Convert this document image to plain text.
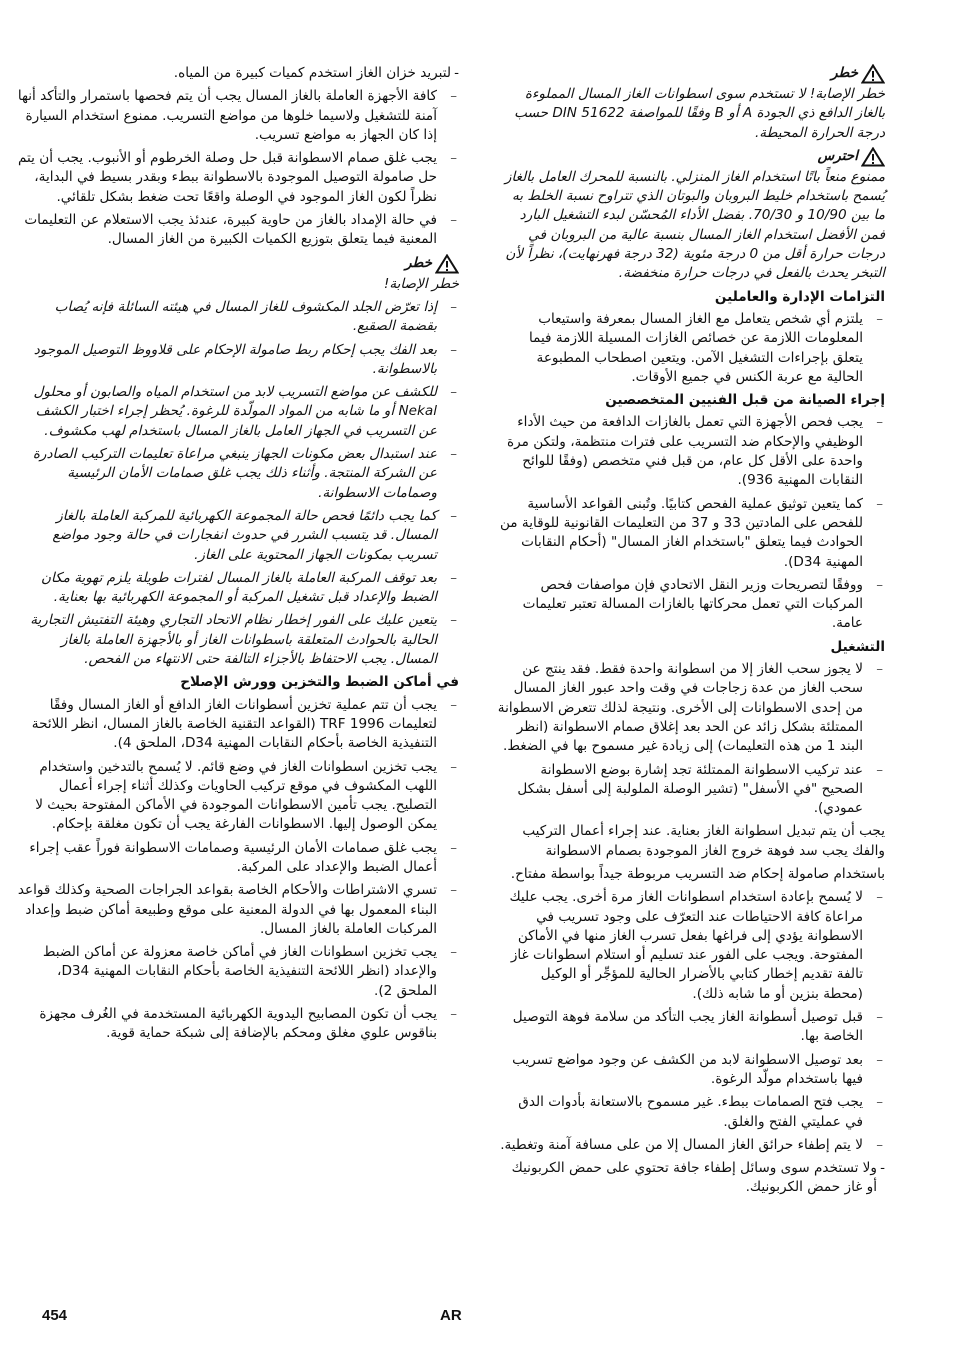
خطر

خطر الإصابة! لا تستخدم سوى اسطوانات الغاز المسال المملوءة بالغاز الدافع ذي الجودة A أو B وفقًا للمواصفة DIN 51622 حسب درجة الحرارة المحيطة.

احترس

ممنوع منعاً باتًا استخدام الغاز المنزلي. بالنسبة للمحرك العامل بالغاز يُسمح باستخدام خليط البروبان والبوتان الذي تتراوح نسبة الخلط به ما بين 10/90 و 70/30. بفضل الأداء المُحسّن لبدء التشغيل البارد فمن الأفضل استخدام الغاز المسال بنسبة عالية من البروبان في درجات حرارة أقل من 0 درجة مئوية (32 درجة فهرنهايت)، نظراً لأن التبخر يحدث بالفعل في درجات حرارة منخفضة.

التزامات الإدارة والعاملين
– يلتزم أي شخص يتعامل مع الغاز المسال بمعرفة واستيعاب المعلومات اللازمة عن خصائص الغازات المسيلة اللازمة فيما يتعلق بإجراءات التشغيل الآمن. ويتعين اصطحاب المطبوعة الحالية مع عربة الكنس في جميع الأوقات.
إجراء الصيانة من قبل الفنيين المتخصصين
– يجب فحص الأجهزة التي تعمل بالغازات الدافعة من حيث الأداء الوظيفي والإحكام ضد التسريب على فترات منتظمة، ولتكن مرة واحدة على الأقل كل عام، من قبل فني متخصص (وفقًا للوائح النقابات المهنية 936).
– كما يتعين توثيق عملية الفحص كتابيًا. وتُبنى القواعد الأساسية للفحص على المادتين 33 و 37 من التعليمات القانونية للوقاية من الحوادث فيما يتعلق "باستخدام الغاز المسال" (أحكام النقابات المهنية D34).
– ووفقًا لتصريحات وزير النقل الاتحادي فإن مواصفات فحص المركبات التي تعمل محركاتها بالغازات المسالة تعتبر تعليمات عامة.
التشغيل
– لا يجوز سحب الغاز إلا من اسطوانة واحدة فقط. فقد ينتج عن سحب الغاز من عدة زجاجات في وقت واحد عبور الغاز المسال من إحدى الاسطوانات إلى الأخرى. ونتيجة لذلك تتعرض الاسطوانة الممتلئة بشكل زائد عن الحد بعد إغلاق صمام الاسطوانة (انظر البند 1 من هذه التعليمات) إلى زيادة غير مسموح بها في الضغط.
– عند تركيب الاسطوانة الممتلئة تجد إشارة بوضع الاسطوانة الصحيح "في الأسفل" (تشير الوصلة الملولبة إلى أسفل بشكل عمودي).

يجب أن يتم تبديل اسطوانة الغاز بعناية. عند إجراء أعمال التركيب والفك يجب سد فوهة خروج الغاز الموجودة بصمام الاسطوانة

باستخدام صامولة إحكام ضد التسريب مربوطة جيداً بواسطة مفتاح.

– لا يُسمح بإعادة استخدام اسطوانات الغاز مرة أخرى. يجب عليك مراعاة كافة الاحتياطات عند التعرّف على وجود تسريب في الاسطوانة يؤدي إلى فراغها بفعل تسرب الغاز منها في الأماكن المفتوحة. ويجب على الفور عند تسليم أو استلام اسطوانات غاز تالفة تقديم إخطار كتابي بالأضرار الحالية للمؤجِّر أو الوكيل (محطة بنزين أو ما شابه ذلك).
– قبل توصيل أسطوانة الغاز يجب التأكد من سلامة فوهة التوصيل الخاصة بها.
– بعد توصيل الاسطوانة لابد من الكشف عن وجود مواضع تسريب فيها باستخدام مولّد الرغوة.
– يجب فتح الصمامات ببطء. غير مسموح بالاستعانة بأدوات الدق في عمليتي الفتح والغلق.
– لا يتم إطفاء حرائق الغاز المسال إلا من على مسافة آمنة وتغطية.
- ولا تستخدم سوى وسائل إطفاء جافة تحتوي على حمض الكربونيك أو غاز حمض الكربونيك.
- لتبريد خزان الغاز استخدم كميات كبيرة من المياه.
– كافة الأجهزة العاملة بالغاز المسال يجب أن يتم فحصها باستمرار والتأكد أنها آمنة للتشغيل ولاسيما خلوها من مواضع التسريب. ممنوع استخدام السيارة إذا كان الجهاز به مواضع تسريب.
– يجب غلق صمام الاسطوانة قبل حل وصلة الخرطوم أو الأنبوب. يجب أن يتم حل صامولة التوصيل الموجودة بالاسطوانة ببطء وبقدر بسيط في البداية، نظراً لكون الغاز الموجود في الوصلة واقعًا تحت ضغط بشكل تلقائي.
– في حالة الإمداد بالغاز من حاوية كبيرة، عندئذ يجب الاستعلام عن التعليمات المعنية فيما يتعلق بتوزيع الكميات الكبيرة من الغاز المسال.
خطر

خطر الإصابة!

– إذا تعرّض الجلد المكشوف للغاز المسال في هيئته السائلة فإنه يُصاب بقضمة الصقيع.
– بعد الفك يجب إحكام ربط صامولة الإحكام على قلاووظ التوصيل الموجود بالاسطوانة.
– للكشف عن مواضع التسريب لابد من استخدام المياه والصابون أو محلول Nekal أو ما شابه من المواد المولّدة للرغوة. يُحظر إجراء اختبار الكشف عن التسريب في الجهاز العامل بالغاز المسال باستخدام لهب مكشوف.
– عند استبدال بعض مكونات الجهاز ينبغي مراعاة تعليمات التركيب الصادرة عن الشركة المنتجة. وأثناء ذلك يجب غلق صمامات الأمان الرئيسية وصمامات الاسطوانة.
– كما يجب دائمًا فحص حالة المجموعة الكهربائية للمركبة العاملة بالغاز المسال. قد يتسبب الشرر في حدوث انفجارات في حالة وجود مواضع تسريب بمكونات الجهاز المحتوية على الغاز.
– بعد توقف المركبة العاملة بالغاز المسال لفترات طويلة يلزم تهوية مكان الضبط والإعداد قبل تشغيل المركبة أو المجموعة الكهربائية بها بعناية.
– يتعين عليك على الفور إخطار نظام الاتحاد التجاري وهيئة التفتيش التجارية الحالية بالحوادث المتعلقة باسطوانات الغاز أو بالأجهزة العاملة بالغاز المسال. يجب الاحتفاظ بالأجزاء التالفة حتى الانتهاء من الفحص.
في أماكن الضبط والتخزين وورش الإصلاح
– يجب أن تتم عملية تخزين أسطوانات الغاز الدافع أو الغاز المسال وفقًا لتعليمات TRF 1996 (القواعد التقنية الخاصة بالغاز المسال، انظر اللائحة التنفيذية الخاصة بأحكام النقابات المهنية D34، الملحق 4).
– يجب تخزين اسطوانات الغاز في وضع قائم. لا يُسمح بالتدخين واستخدام اللهب المكشوف في موقع تركيب الحاويات وكذلك أثناء إجراء أعمال التصليح. يجب تأمين الاسطوانات الموجودة في الأماكن المفتوحة بحيث لا يمكن الوصول إليها. الاسطوانات الفارغة يجب أن تكون مغلقة بإحكام.
– يجب غلق صمامات الأمان الرئيسية وصمامات الاسطوانة فوراً عقب إجراء أعمال الضبط والإعداد على المركبة.
– تسري الاشتراطات والأحكام الخاصة بقواعد الجراجات الصحية وكذلك قواعد البناء المعمول بها في الدولة المعنية على موقع وطبيعة أماكن ضبط وإعداد المركبات العاملة بالغاز المسال.
– يجب تخزين اسطوانات الغاز في أماكن خاصة معزولة عن أماكن الضبط والإعداد (انظر اللائحة التنفيذية الخاصة بأحكام النقابات المهنية D34، الملحق 2).
– يجب أن تكون المصابيح اليدوية الكهربائية المستخدمة في الغُرف مجهزة بناقوس علوي مغلق ومحكم بالإضافة إلى شبكة حماية قوية.
454	AR
